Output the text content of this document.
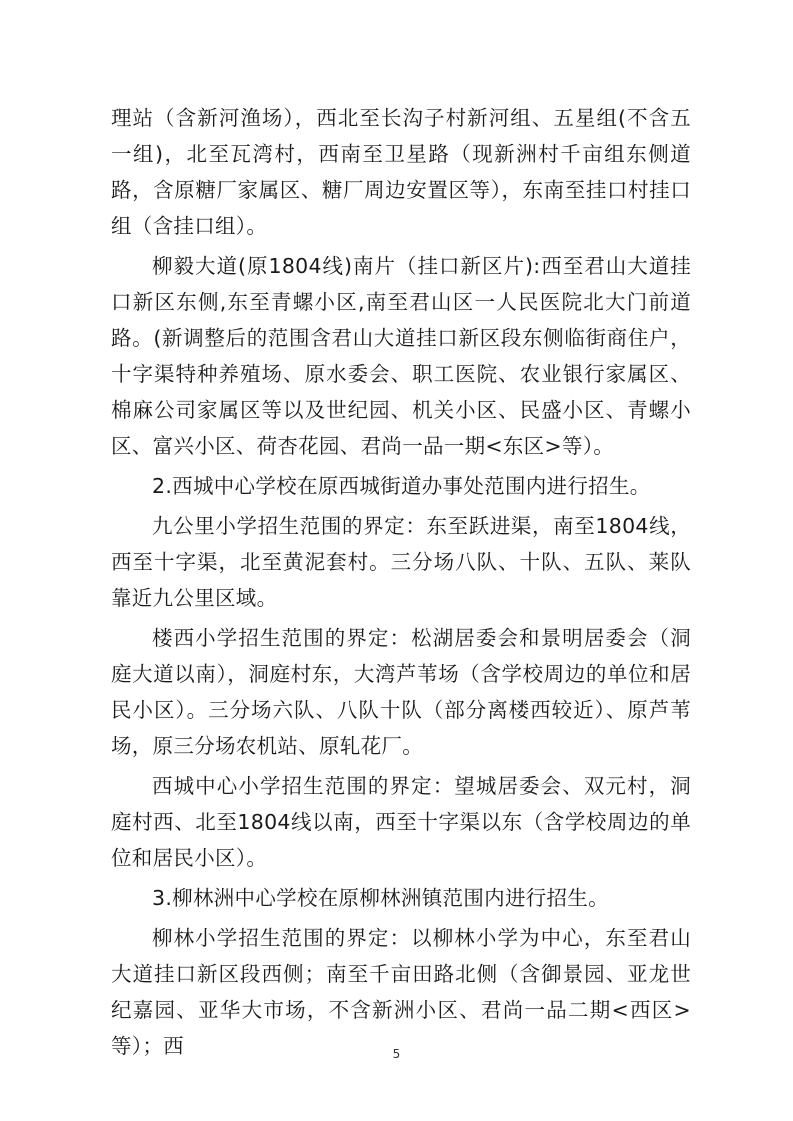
理站（含新河渔场），西北至长沟子村新河组、五星组(不含五一组)，北至瓦湾村，西南至卫星路（现新洲村千亩组东侧道路，含原糖厂家属区、糖厂周边安置区等），东南至挂口村挂口组（含挂口组）。

柳毅大道(原1804线)南片（挂口新区片):西至君山大道挂口新区东侧,东至青螺小区,南至君山区一人民医院北大门前道路。(新调整后的范围含君山大道挂口新区段东侧临街商住户，十字渠特种养殖场、原水委会、职工医院、农业银行家属区、棉麻公司家属区等以及世纪园、机关小区、民盛小区、青螺小区、富兴小区、荷杏花园、君尚一品一期<东区>等）。

2.西城中心学校在原西城街道办事处范围内进行招生。

九公里小学招生范围的界定：东至跃进渠，南至1804线，西至十字渠，北至黄泥套村。三分场八队、十队、五队、莱队靠近九公里区域。

楼西小学招生范围的界定：松湖居委会和景明居委会（洞庭大道以南），洞庭村东，大湾芦苇场（含学校周边的单位和居民小区）。三分场六队、八队十队（部分离楼西较近）、原芦苇场，原三分场农机站、原轧花厂。

西城中心小学招生范围的界定：望城居委会、双元村，洞庭村西、北至1804线以南，西至十字渠以东（含学校周边的单位和居民小区）。

3.柳林洲中心学校在原柳林洲镇范围内进行招生。

柳林小学招生范围的界定：以柳林小学为中心，东至君山大道挂口新区段西侧；南至千亩田路北侧（含御景园、亚龙世纪嘉园、亚华大市场，不含新洲小区、君尚一品二期<西区>等）；西	5
